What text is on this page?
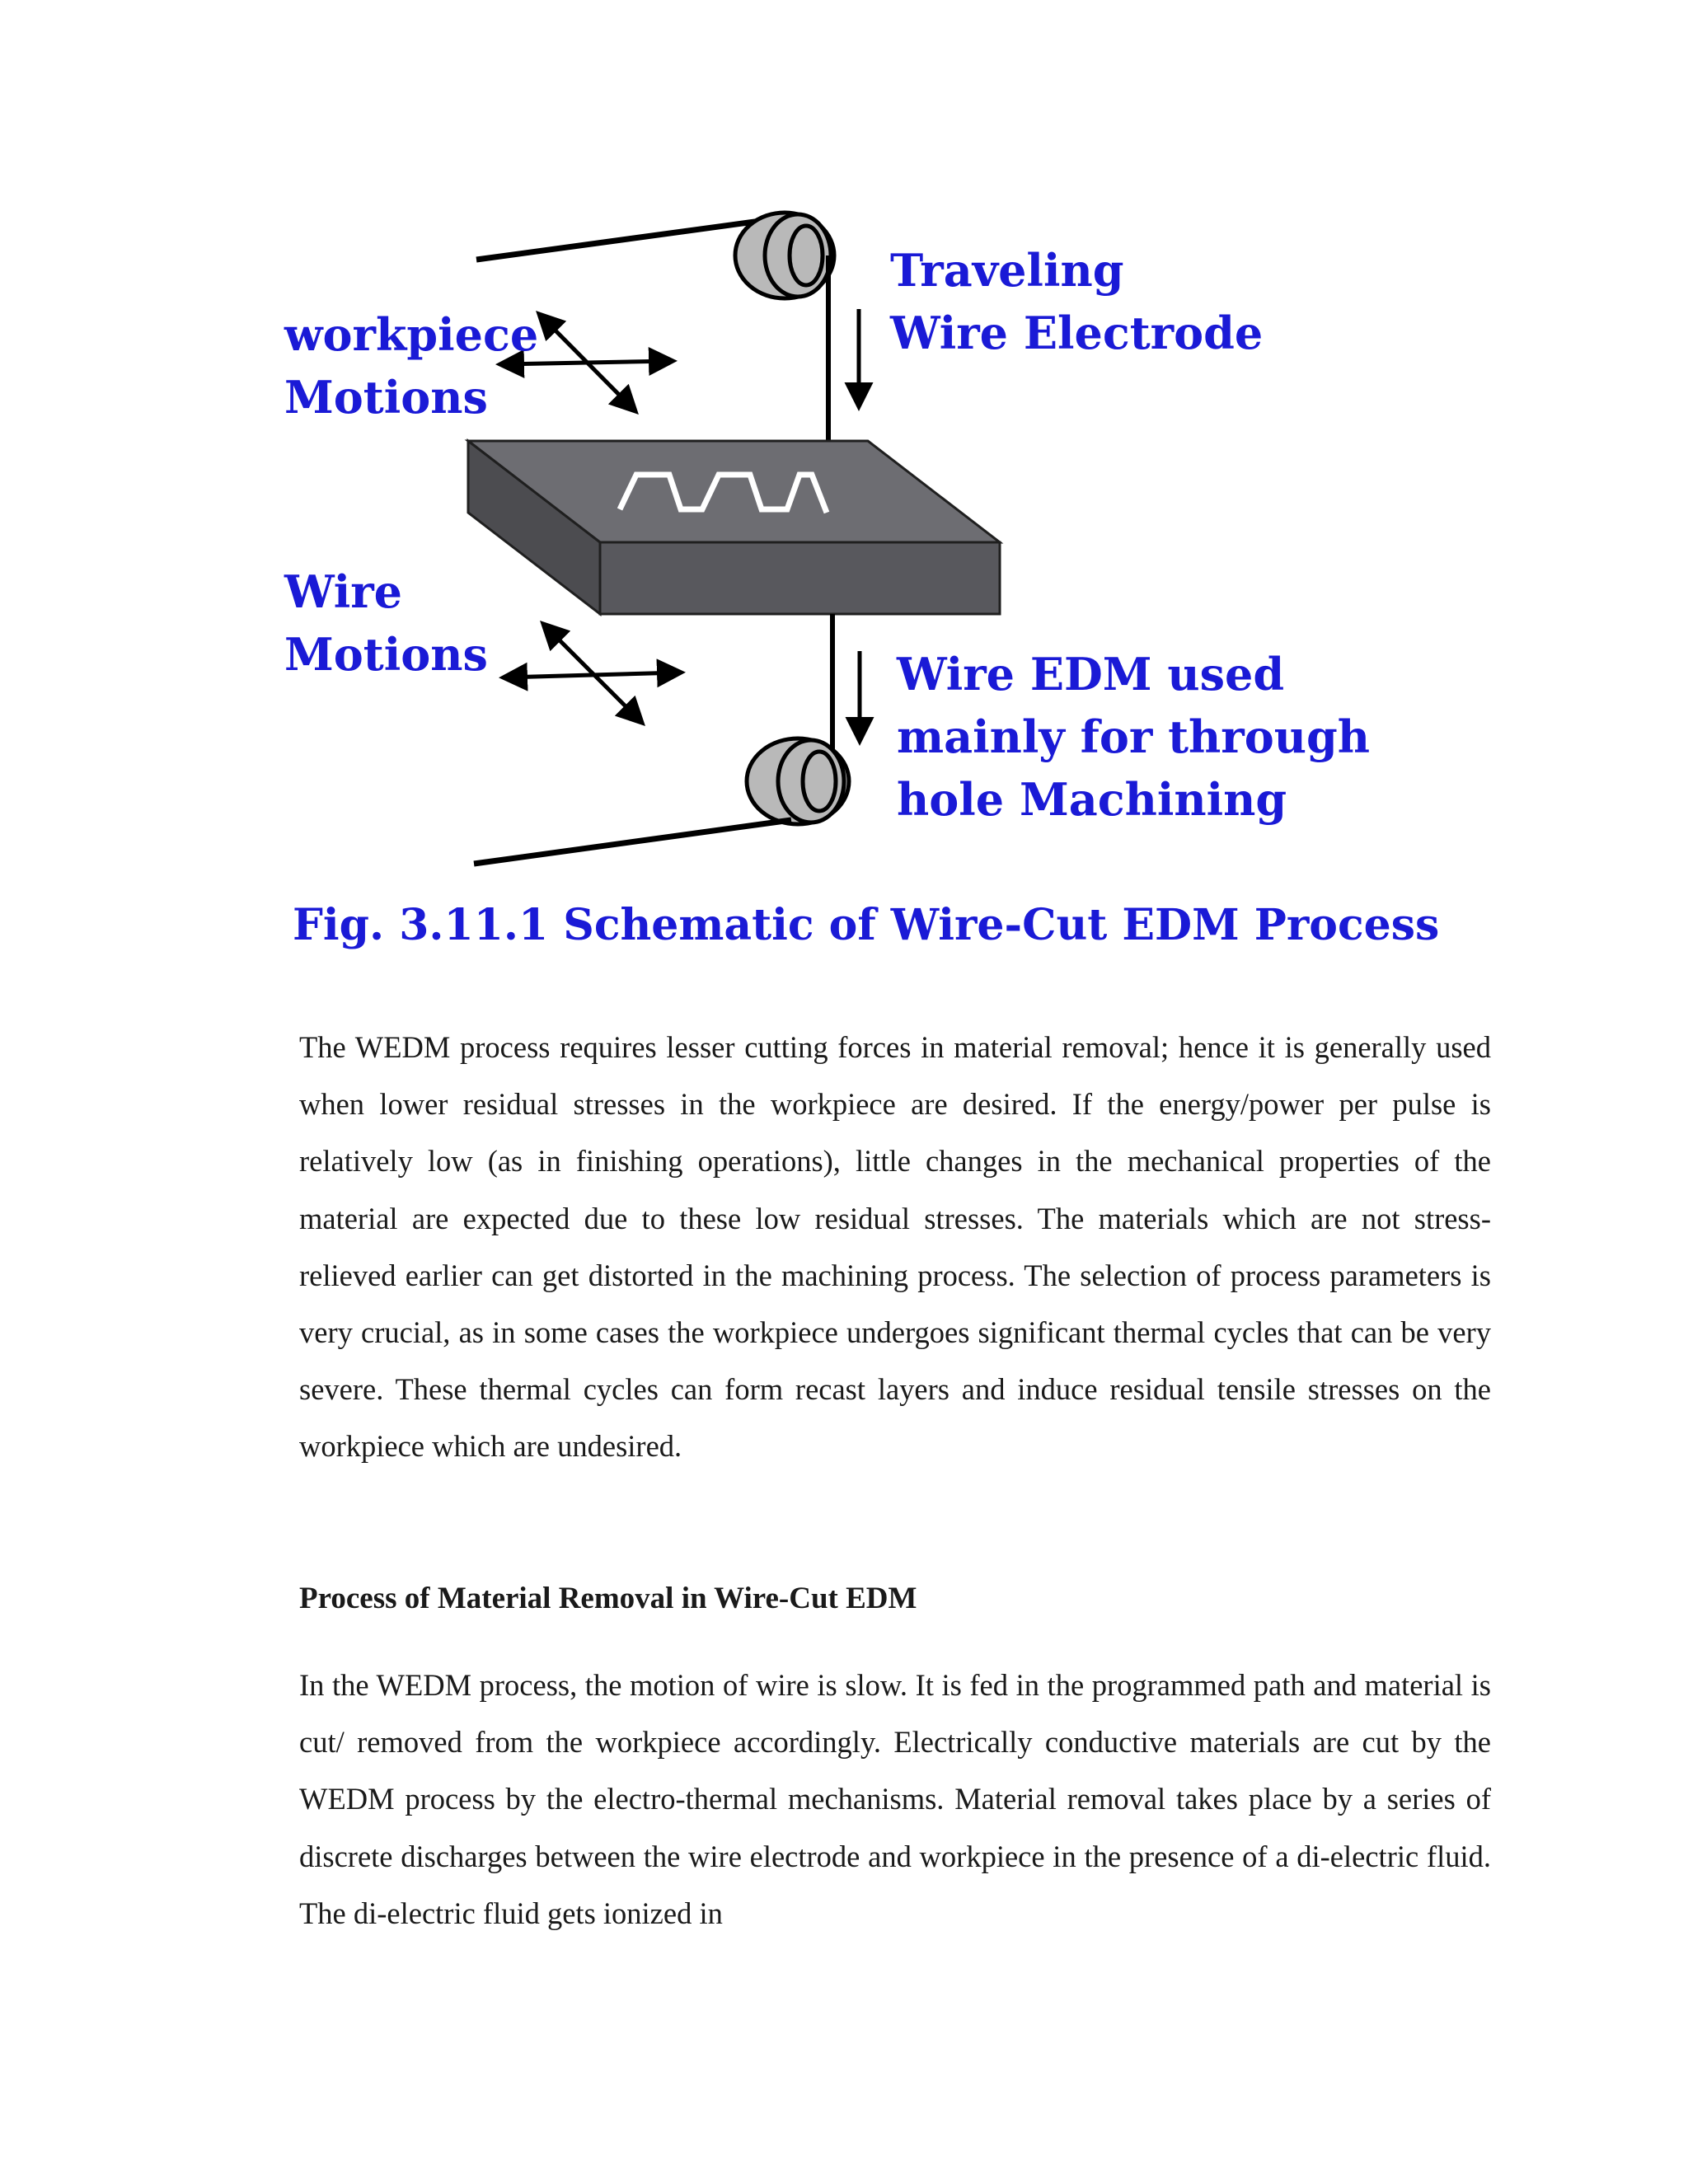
workpiece
Motions
Traveling
Wire Electrode
Wire
Motions	Wire EDM used
mainly for through
hole Machining

Fig. 3.11.1 Schematic of Wire-Cut EDM Process

The WEDM process requires lesser cutting forces in material removal; hence it is generally used when lower residual stresses in the workpiece are desired. If the energy/power per pulse is relatively low (as in finishing operations), little changes in the mechanical properties of the material are expected due to these low residual stresses. The materials which are not stress-relieved earlier can get distorted in the machining process. The selection of process parameters is very crucial, as in some cases the workpiece undergoes significant thermal cycles that can be very severe. These thermal cycles can form recast layers and induce residual tensile stresses on the workpiece which are undesired.

Process of Material Removal in Wire-Cut EDM

In the WEDM process, the motion of wire is slow. It is fed in the programmed path and material is cut/ removed from the workpiece accordingly. Electrically conductive materials are cut by the WEDM process by the electro-thermal mechanisms. Material removal takes place by a series of discrete discharges between the wire electrode and workpiece in the presence of a di-electric fluid. The di-electric fluid gets ionized in
